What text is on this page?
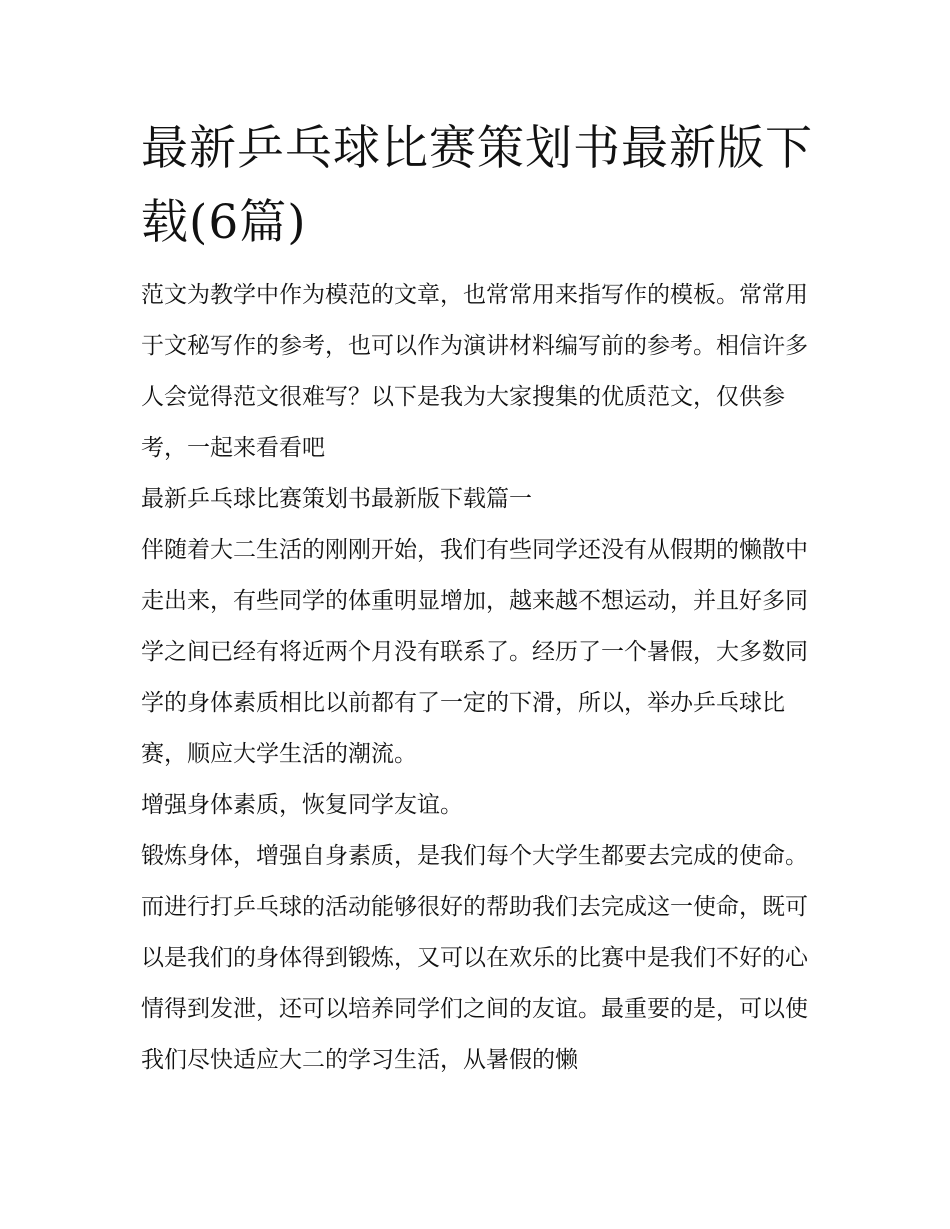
最新乒乓球比赛策划书最新版下载(6篇)

范文为教学中作为模范的文章，也常常用来指写作的模板。常常用于文秘写作的参考，也可以作为演讲材料编写前的参考。相信许多人会觉得范文很难写？以下是我为大家搜集的优质范文，仅供参考，一起来看看吧

最新乒乓球比赛策划书最新版下载篇一

伴随着大二生活的刚刚开始，我们有些同学还没有从假期的懒散中走出来，有些同学的体重明显增加，越来越不想运动，并且好多同学之间已经有将近两个月没有联系了。经历了一个暑假，大多数同学的身体素质相比以前都有了一定的下滑，所以，举办乒乓球比赛，顺应大学生活的潮流。

增强身体素质，恢复同学友谊。

锻炼身体，增强自身素质，是我们每个大学生都要去完成的使命。而进行打乒乓球的活动能够很好的帮助我们去完成这一使命，既可以是我们的身体得到锻炼，又可以在欢乐的比赛中是我们不好的心情得到发泄，还可以培养同学们之间的友谊。最重要的是，可以使我们尽快适应大二的学习生活，从暑假的懒
